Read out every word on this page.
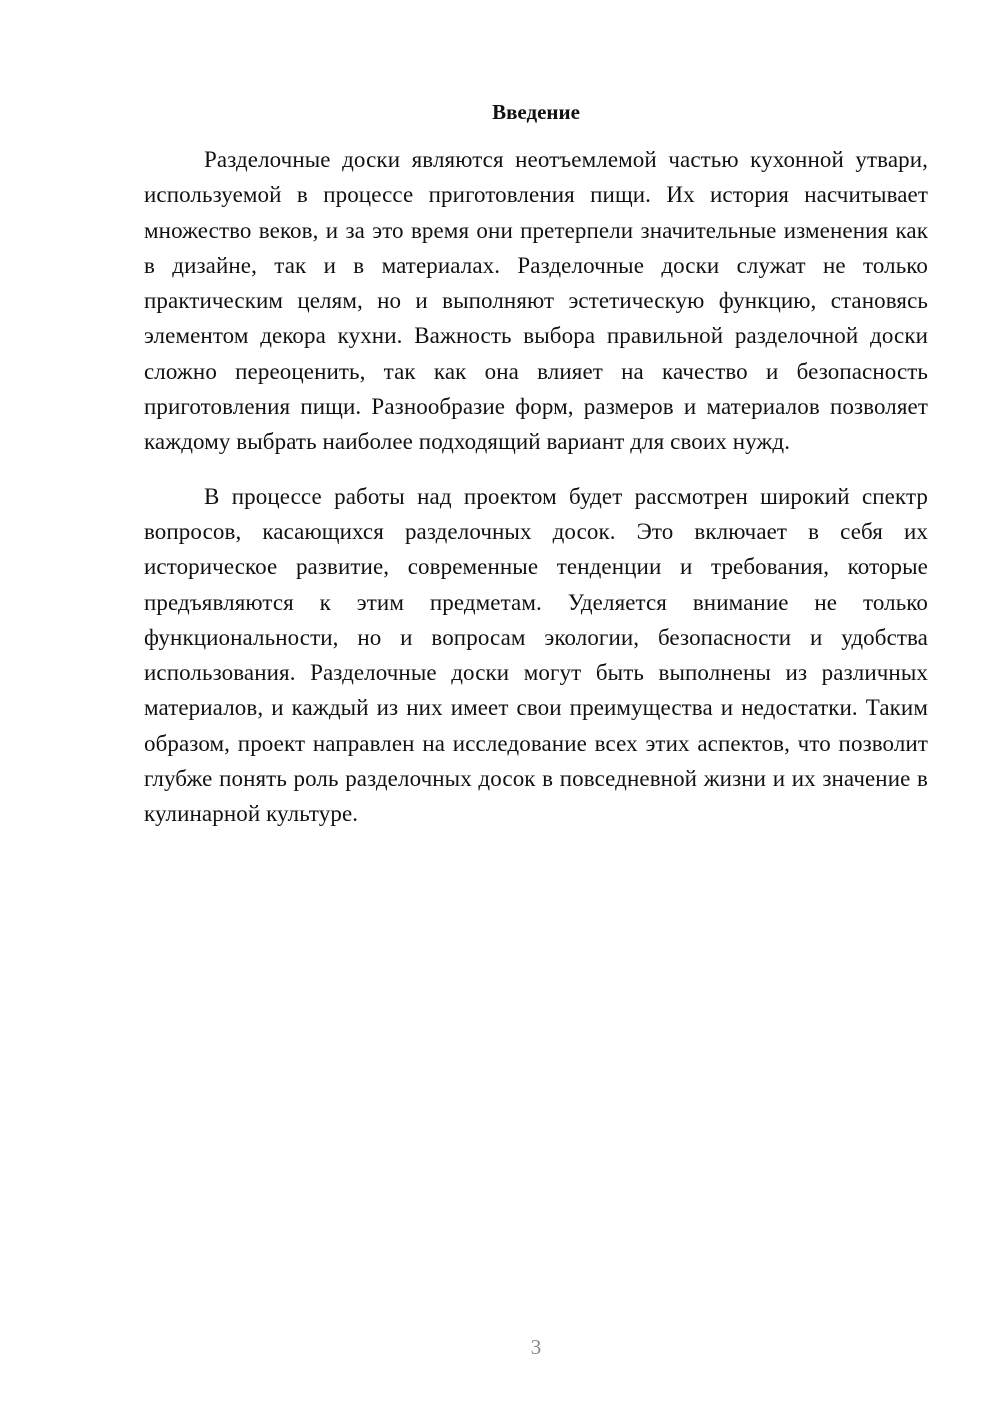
Введение

Разделочные доски являются неотъемлемой частью кухонной утвари, используемой в процессе приготовления пищи. Их история насчитывает множество веков, и за это время они претерпели значительные изменения как в дизайне, так и в материалах. Разделочные доски служат не только практическим целям, но и выполняют эстетическую функцию, становясь элементом декора кухни. Важность выбора правильной разделочной доски сложно переоценить, так как она влияет на качество и безопасность приготовления пищи. Разнообразие форм, размеров и материалов позволяет каждому выбрать наиболее подходящий вариант для своих нужд.

В процессе работы над проектом будет рассмотрен широкий спектр вопросов, касающихся разделочных досок. Это включает в себя их историческое развитие, современные тенденции и требования, которые предъявляются к этим предметам. Уделяется внимание не только функциональности, но и вопросам экологии, безопасности и удобства использования. Разделочные доски могут быть выполнены из различных материалов, и каждый из них имеет свои преимущества и недостатки. Таким образом, проект направлен на исследование всех этих аспектов, что позволит глубже понять роль разделочных досок в повседневной жизни и их значение в кулинарной культуре.

3
